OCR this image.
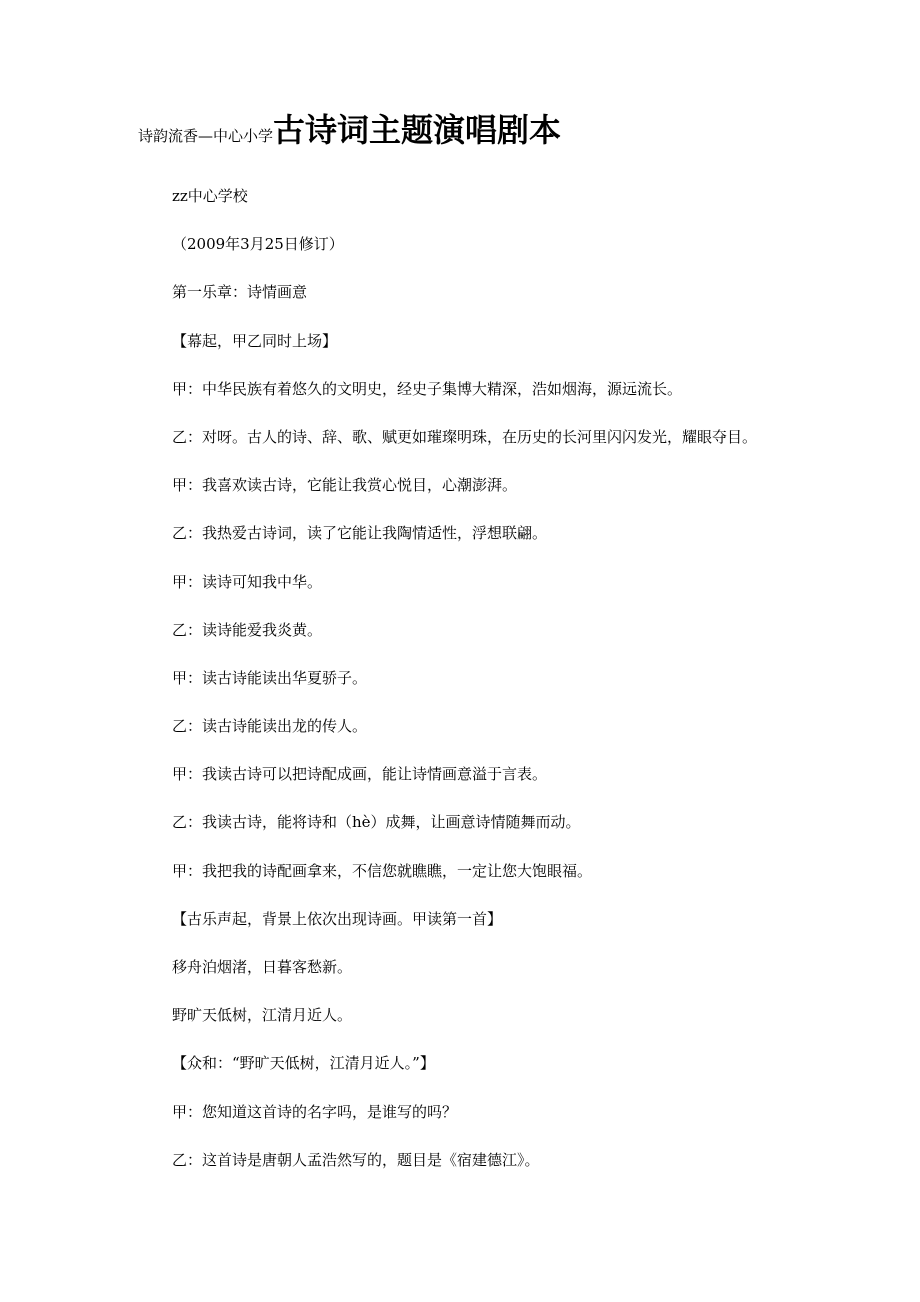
诗韵流香—中心小学古诗词主题演唱剧本
zz中心学校
（2009年3月25日修订）
第一乐章：诗情画意
【幕起，甲乙同时上场】
甲：中华民族有着悠久的文明史，经史子集博大精深，浩如烟海，源远流长。
乙：对呀。古人的诗、辞、歌、赋更如璀璨明珠，在历史的长河里闪闪发光，耀眼夺目。
甲：我喜欢读古诗，它能让我赏心悦目，心潮澎湃。
乙：我热爱古诗词，读了它能让我陶情适性，浮想联翩。
甲：读诗可知我中华。
乙：读诗能爱我炎黄。
甲：读古诗能读出华夏骄子。
乙：读古诗能读出龙的传人。
甲：我读古诗可以把诗配成画，能让诗情画意溢于言表。
乙：我读古诗，能将诗和（hè）成舞，让画意诗情随舞而动。
甲：我把我的诗配画拿来，不信您就瞧瞧，一定让您大饱眼福。
【古乐声起，背景上依次出现诗画。甲读第一首】
移舟泊烟渚，日暮客愁新。
野旷天低树，江清月近人。
【众和：“野旷天低树，江清月近人。”】
甲：您知道这首诗的名字吗，是谁写的吗？
乙：这首诗是唐朝人孟浩然写的，题目是《宿建德江》。
